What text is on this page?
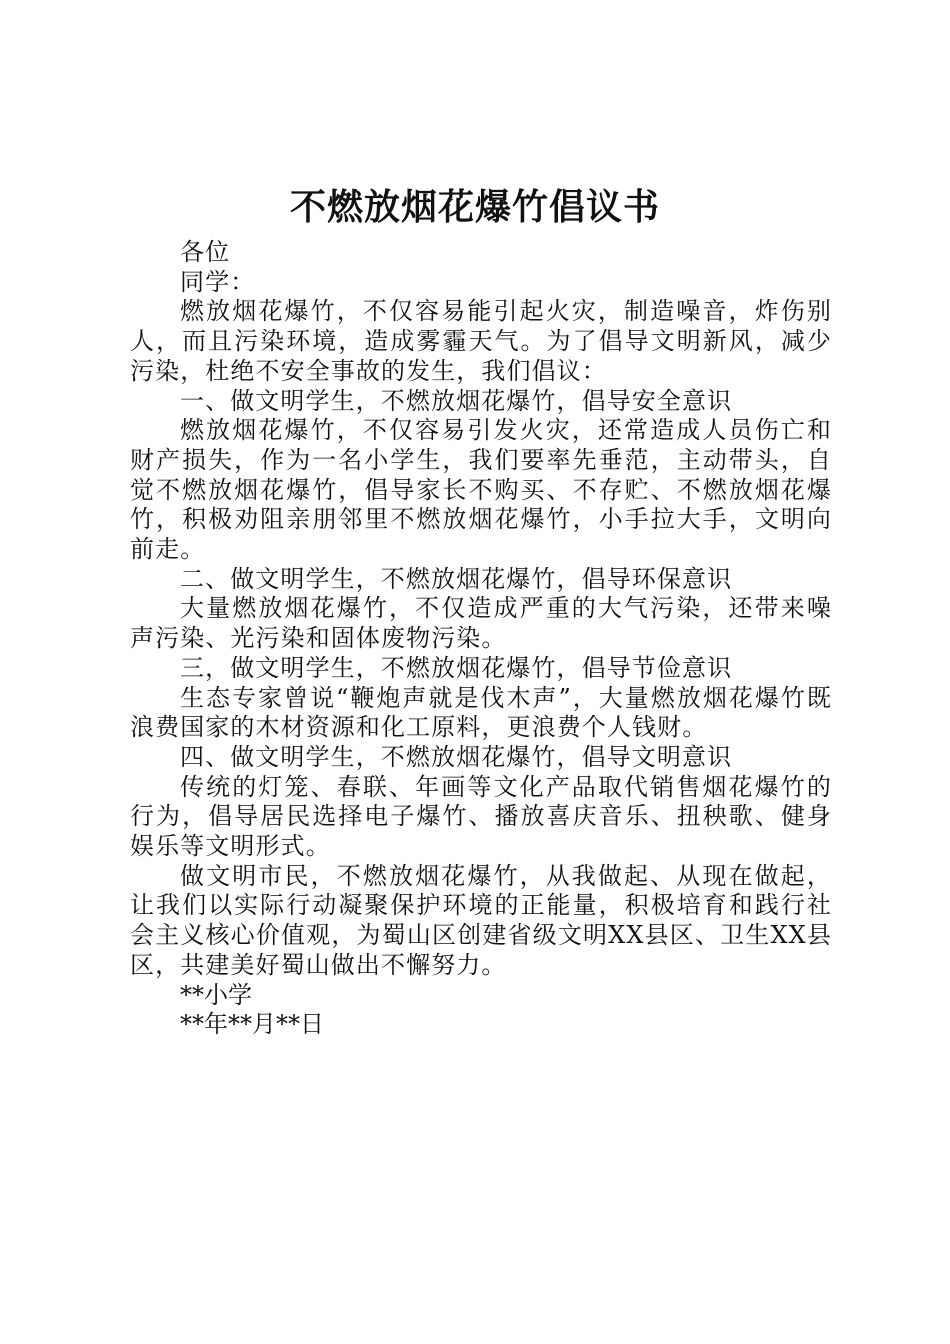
不燃放烟花爆竹倡议书

各位

同学：

燃放烟花爆竹，不仅容易能引起火灾，制造噪音，炸伤别人，而且污染环境，造成雾霾天气。为了倡导文明新风，减少污染，杜绝不安全事故的发生，我们倡议：

一、做文明学生，不燃放烟花爆竹，倡导安全意识

燃放烟花爆竹，不仅容易引发火灾，还常造成人员伤亡和财产损失，作为一名小学生，我们要率先垂范，主动带头，自觉不燃放烟花爆竹，倡导家长不购买、不存贮、不燃放烟花爆竹，积极劝阻亲朋邻里不燃放烟花爆竹，小手拉大手，文明向前走。

二、做文明学生，不燃放烟花爆竹，倡导环保意识

大量燃放烟花爆竹，不仅造成严重的大气污染，还带来噪声污染、光污染和固体废物污染。

三，做文明学生，不燃放烟花爆竹，倡导节俭意识

生态专家曾说“鞭炮声就是伐木声”，大量燃放烟花爆竹既浪费国家的木材资源和化工原料，更浪费个人钱财。

四、做文明学生，不燃放烟花爆竹，倡导文明意识

传统的灯笼、春联、年画等文化产品取代销售烟花爆竹的行为，倡导居民选择电子爆竹、播放喜庆音乐、扭秧歌、健身娱乐等文明形式。

做文明市民，不燃放烟花爆竹，从我做起、从现在做起，让我们以实际行动凝聚保护环境的正能量，积极培育和践行社会主义核心价值观，为蜀山区创建省级文明XX县区、卫生XX县区，共建美好蜀山做出不懈努力。

**小学

**年**月**日
